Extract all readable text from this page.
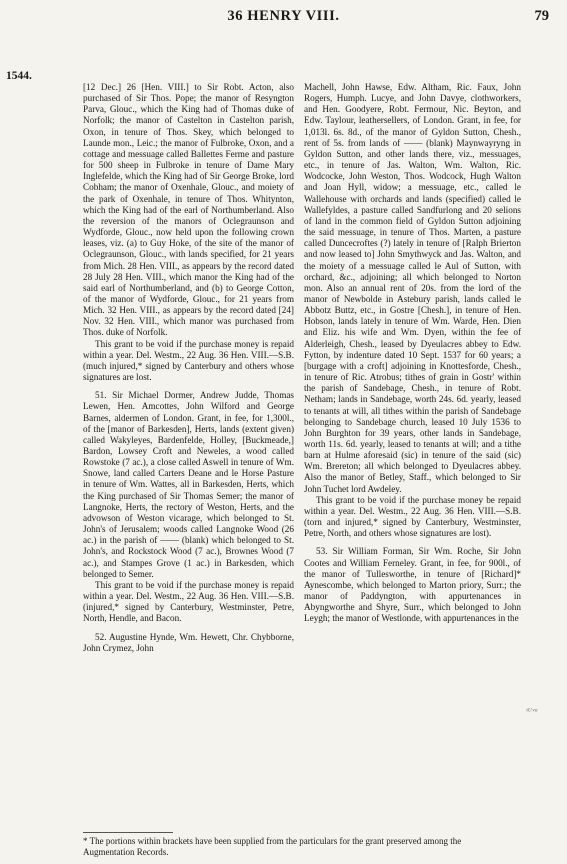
36 HENRY VIII.	79
1544.

[12 Dec.] 26 [Hen. VIII.] to Sir Robt. Acton, also purchased of Sir Thos. Pope; the manor of Resyngton Parva, Glouc., which the King had of Thomas duke of Norfolk; the manor of Castelton in Castelton parish, Oxon, in tenure of Thos. Skey, which belonged to Launde mon., Leic.; the manor of Fulbroke, Oxon, and a cottage and messuage called Ballettes Ferme and pasture for 500 sheep in Fulbroke in tenure of Dame Mary Inglefelde, which the King had of Sir George Broke, lord Cobham; the manor of Oxenhale, Glouc., and moiety of the park of Oxenhale, in tenure of Thos. Whitynton, which the King had of the earl of Northumberland. Also the reversion of the manors of Oclegraunson and Wydforde, Glouc., now held upon the following crown leases, viz. (a) to Guy Hoke, of the site of the manor of Oclegraunson, Glouc., with lands specified, for 21 years from Mich. 28 Hen. VIII., as appears by the record dated 28 July 28 Hen. VIII., which manor the King had of the said earl of Northumberland, and (b) to George Cotton, of the manor of Wydforde, Glouc., for 21 years from Mich. 32 Hen. VIII., as appears by the record dated [24] Nov. 32 Hen. VIII., which manor was purchased from Thos. duke of Norfolk.

This grant to be void if the purchase money is repaid within a year. Del. Westm., 22 Aug. 36 Hen. VIII.—S.B. (much injured,* signed by Canterbury and others whose signatures are lost.

51. Sir Michael Dormer, Andrew Judde, Thomas Lewen, Hen. Amcottes, John Wilford and George Barnes, aldermen of London. Grant, in fee, for 1,300l., of the [manor of Barkesden], Herts, lands (extent given) called Wakyleyes, Bardenfelde, Holley, [Buckmeade,] Bardon, Lowsey Croft and Neweles, a wood called Rowstoke (7 ac.), a close called Aswell in tenure of Wm. Snowe, land called Carters Deane and le Horse Pasture in tenure of Wm. Wattes, all in Barkesden, Herts, which the King purchased of Sir Thomas Semer; the manor of Langnoke, Herts, the rectory of Weston, Herts, and the advowson of Weston vicarage, which belonged to St. John's of Jerusalem; woods called Langnoke Wood (26 ac.) in the parish of —— (blank) which belonged to St. John's, and Rockstock Wood (7 ac.), Brownes Wood (7 ac.), and Stampes Grove (1 ac.) in Barkesden, which belonged to Semer.

This grant to be void if the purchase money is repaid within a year. Del. Westm., 22 Aug. 36 Hen. VIII.—S.B. (injured,* signed by Canterbury, Westminster, Petre, North, Hendle, and Bacon.

52. Augustine Hynde, Wm. Hewett, Chr. Chybborne, John Crymez, John

Machell, John Hawse, Edw. Altham, Ric. Faux, John Rogers, Humph. Lucye, and John Davye, clothworkers, and Hen. Goodyere, Robt. Fermour, Nic. Beyton, and Edw. Taylour, leathersellers, of London. Grant, in fee, for 1,013l. 6s. 8d., of the manor of Gyldon Sutton, Chesh., rent of 5s. from lands of —— (blank) Maynwayryng in Gyldon Sutton, and other lands there, viz., messuages, etc., in tenure of Jas. Walton, Wm. Walton, Ric. Wodcocke, John Weston, Thos. Wodcock, Hugh Walton and Joan Hyll, widow; a messuage, etc., called le Wallehouse with orchards and lands (specified) called le Wallefyldes, a pasture called Sandfurlong and 20 selions of land in the common field of Gyldon Sutton adjoining the said messuage, in tenure of Thos. Marten, a pasture called Duncecroftes (?) lately in tenure of [Ralph Brierton and now leased to] John Smythwyck and Jas. Walton, and the moiety of a messuage called le Aul of Sutton, with orchard, &c., adjoining; all which belonged to Norton mon. Also an annual rent of 20s. from the lord of the manor of Newbolde in Astebury parish, lands called le Abbotz Buttz, etc., in Gostre [Chesh.], in tenure of Hen. Hobson, lands lately in tenure of Wm. Warde, Hen. Dien and Eliz. his wife and Wm. Dyen, within the fee of Alderleigh, Chesh., leased by Dyeulacres abbey to Edw. Fytton, by indenture dated 10 Sept. 1537 for 60 years; a [burgage with a croft] adjoining in Knottesforde, Chesh., in tenure of Ric. Atrobus; tithes of grain in Gostr' within the parish of Sandebage, Chesh., in tenure of Robt. Netham; lands in Sandebage, worth 24s. 6d. yearly, leased to tenants at will, all tithes within the parish of Sandebage belonging to Sandebage church, leased 10 July 1536 to John Burghton for 39 years, other lands in Sandebage, worth 11s. 6d. yearly, leased to tenants at will; and a tithe barn at Hulme aforesaid (sic) in tenure of the said (sic) Wm. Brereton; all which belonged to Dyeulacres abbey. Also the manor of Betley, Staff., which belonged to Sir John Tuchet lord Awdeley.

This grant to be void if the purchase money be repaid within a year. Del. Westm., 22 Aug. 36 Hen. VIII.—S.B. (torn and injured,* signed by Canterbury, Westminster, Petre, North, and others whose signatures are lost).

53. Sir William Forman, Sir Wm. Roche, Sir John Cootes and William Ferneley. Grant, in fee, for 900l., of the manor of Tullesworthe, in tenure of [Richard]* Aynescombe, which belonged to Marton priory, Surr.; the manor of Paddyngton, with appurtenances in Abyngworthe and Shyre, Surr., which belonged to John Leygh; the manor of Westlonde, with appurtenances in the

ᵗᵁᵛᵃ
* The portions within brackets have been supplied from the particulars for the grant preserved among the Augmentation Records.
